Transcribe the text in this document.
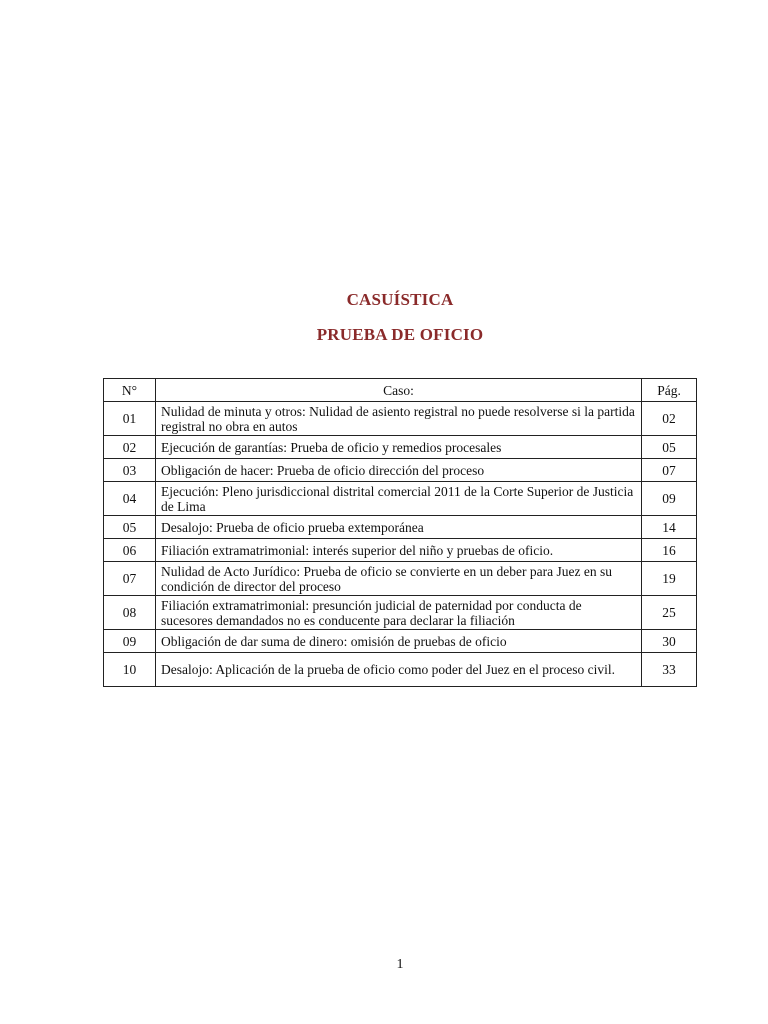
CASUÍSTICA
PRUEBA DE OFICIO
N°	Caso:	Pág.
01	Nulidad de minuta y otros: Nulidad de asiento registral no puede resolverse si la partida registral no obra en autos	02
02	Ejecución de garantías: Prueba de oficio y remedios procesales	05
03	Obligación de hacer: Prueba de oficio dirección del proceso	07
04	Ejecución: Pleno jurisdiccional distrital comercial 2011 de la Corte Superior de Justicia de Lima	09
05	Desalojo: Prueba de oficio prueba extemporánea	14
06	Filiación extramatrimonial: interés superior del niño y pruebas de oficio.	16
07	Nulidad de Acto Jurídico: Prueba de oficio se convierte en un deber para Juez en su condición de director del proceso	19
08	Filiación extramatrimonial: presunción judicial de paternidad por conducta de sucesores demandados no es conducente para declarar la filiación	25
09	Obligación de dar suma de dinero: omisión de pruebas de oficio	30
10	Desalojo: Aplicación de la prueba de oficio como poder del Juez en el proceso civil.	33
1
